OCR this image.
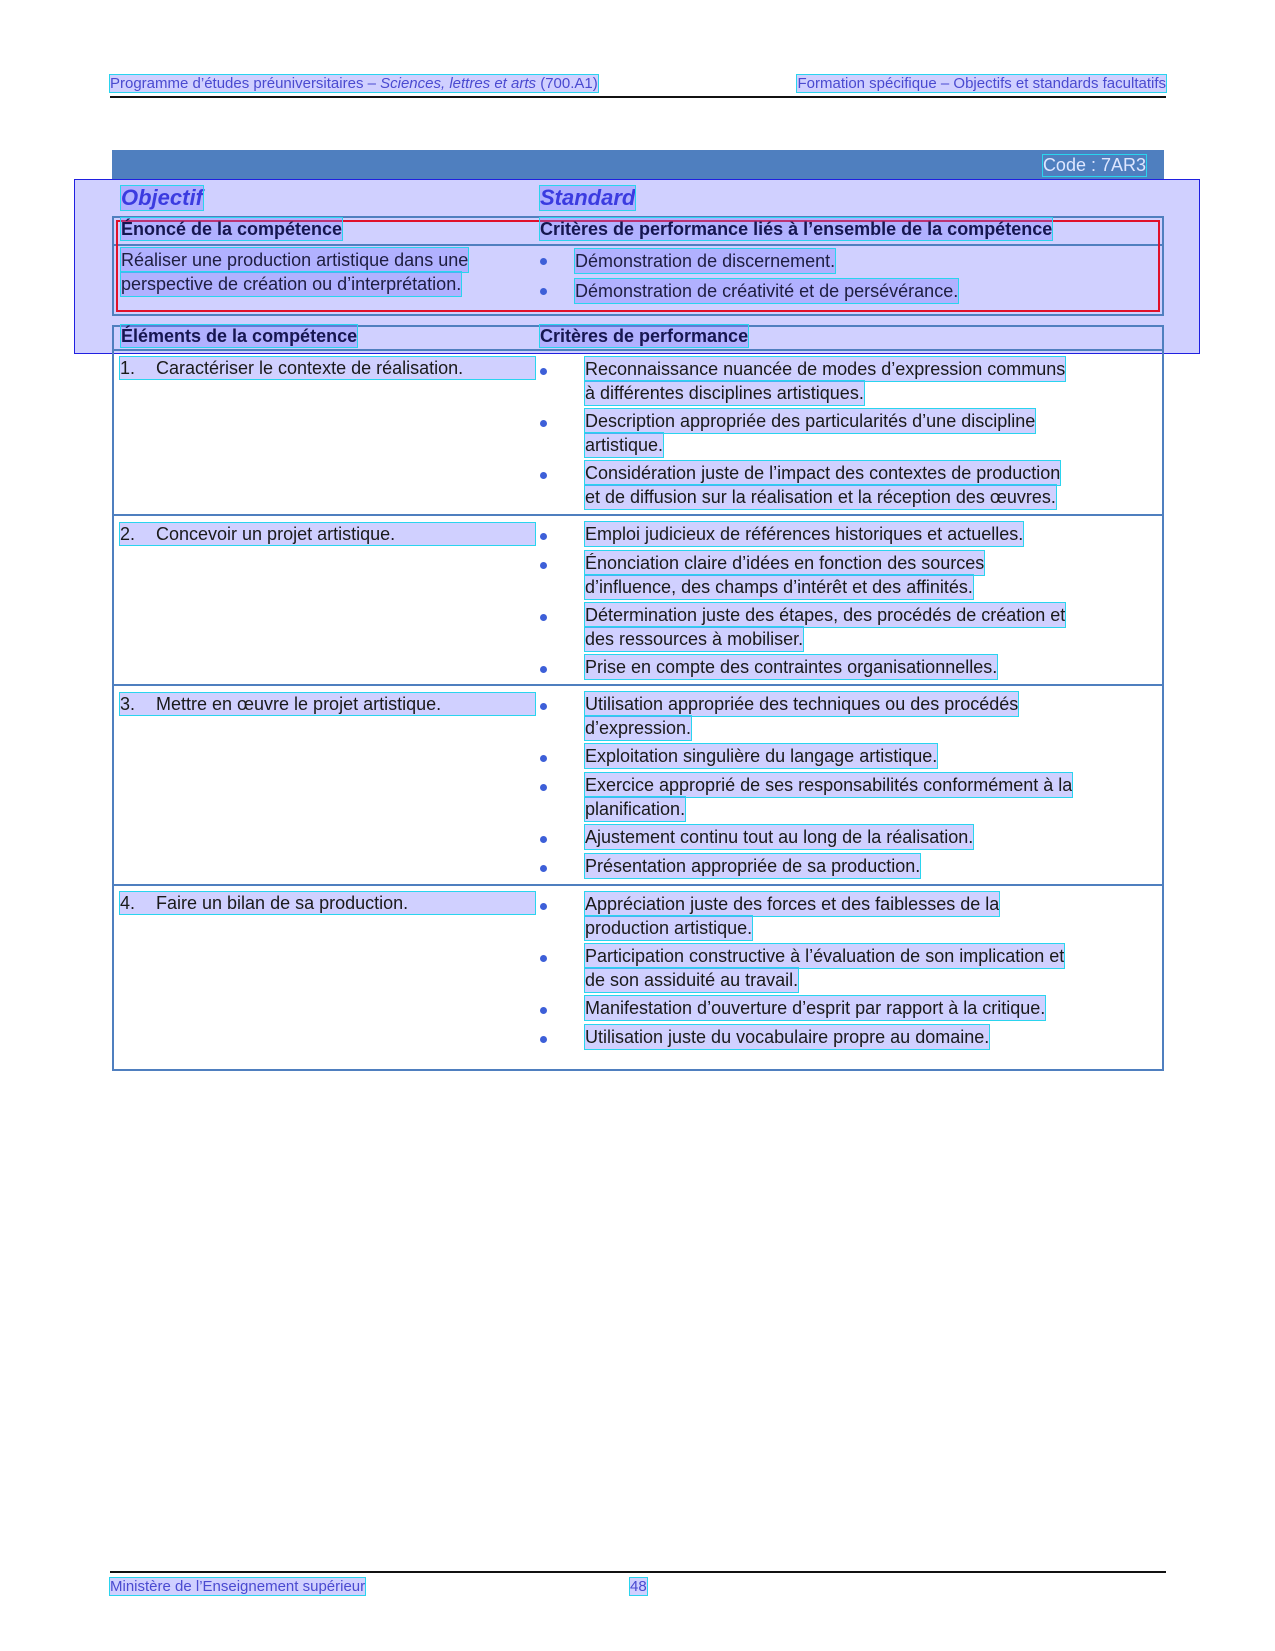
Programme d’études préuniversitaires – Sciences, lettres et arts (700.A1)	Formation spécifique – Objectifs et standards facultatifs
Code : 7AR3
Objectif	Standard
Énoncé de la compétence	Critères de performance liés à l’ensemble de la compétence
Réaliser une production artistique dans une
perspective de création ou d’interprétation.
Démonstration de discernement.
Démonstration de créativité et de persévérance.
Éléments de la compétence	Critères de performance
1. Caractériser le contexte de réalisation.	Reconnaissance nuancée de modes d’expression communs
à différentes disciplines artistiques.
Description appropriée des particularités d’une discipline
artistique.
Considération juste de l’impact des contextes de production
et de diffusion sur la réalisation et la réception des œuvres.
2. Concevoir un projet artistique.	Emploi judicieux de références historiques et actuelles.
Énonciation claire d’idées en fonction des sources
d’influence, des champs d’intérêt et des affinités.
Détermination juste des étapes, des procédés de création et
des ressources à mobiliser.
Prise en compte des contraintes organisationnelles.
3. Mettre en œuvre le projet artistique.	Utilisation appropriée des techniques ou des procédés
d’expression.
Exploitation singulière du langage artistique.
Exercice approprié de ses responsabilités conformément à la
planification.
Ajustement continu tout au long de la réalisation.
Présentation appropriée de sa production.
4. Faire un bilan de sa production.	Appréciation juste des forces et des faiblesses de la
production artistique.
Participation constructive à l’évaluation de son implication et
de son assiduité au travail.
Manifestation d’ouverture d’esprit par rapport à la critique.
Utilisation juste du vocabulaire propre au domaine.
Ministère de l’Enseignement supérieur	48
